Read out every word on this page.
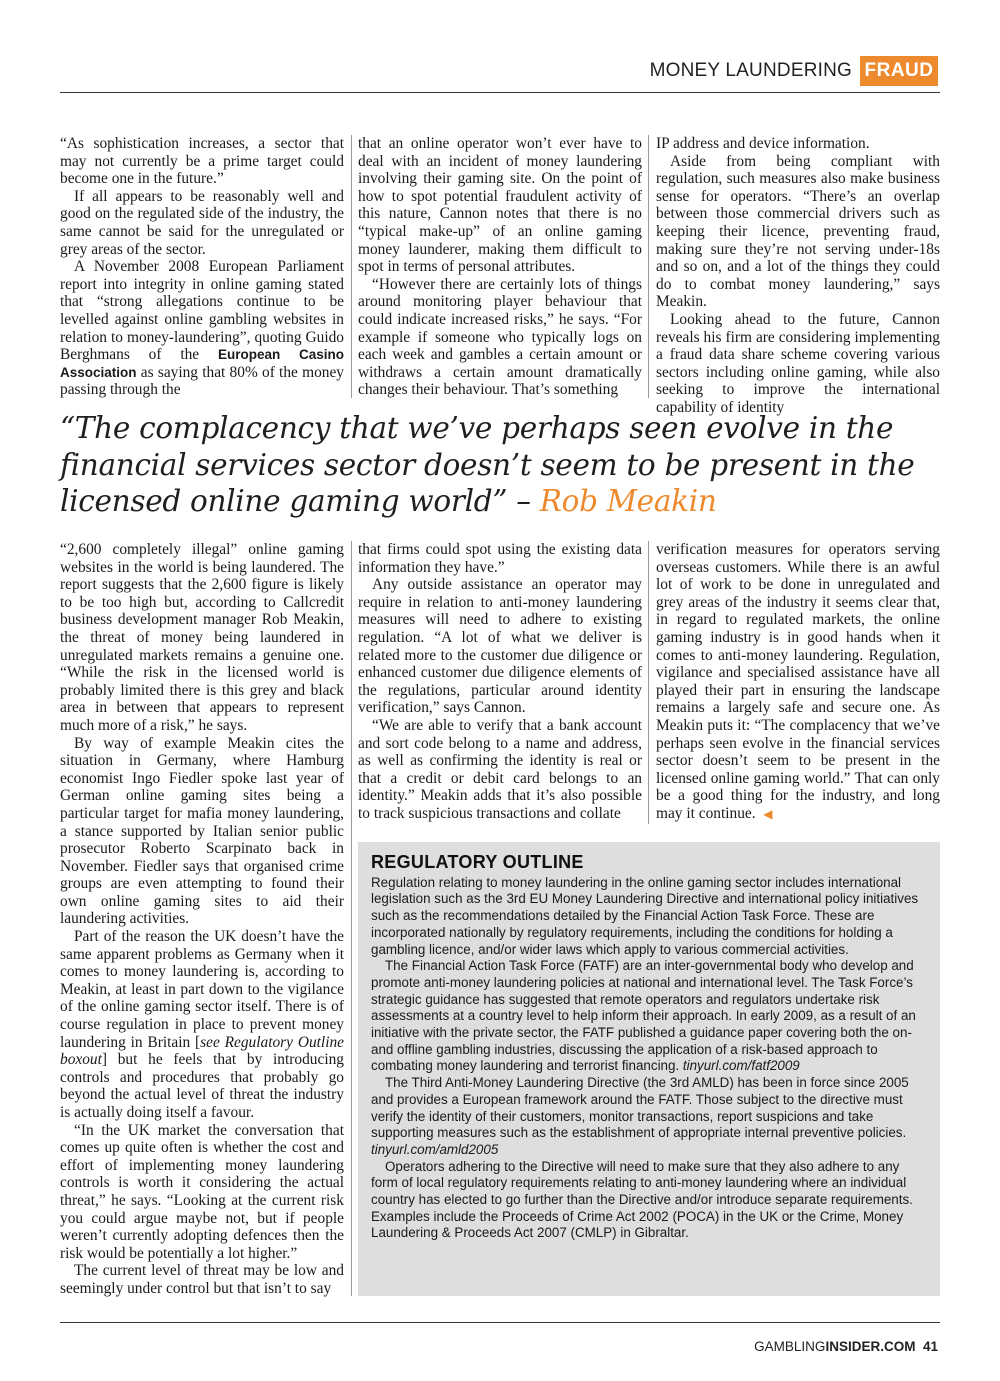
MONEY LAUNDERING FRAUD

“As sophistication increases, a sector that may not currently be a prime target could become one in the future.”

If all appears to be reasonably well and good on the regulated side of the industry, the same cannot be said for the unregulated or grey areas of the sector.

A November 2008 European Parliament report into integrity in online gaming stated that “strong allegations continue to be levelled against online gambling websites in relation to money-laundering”, quoting Guido Berghmans of the European Casino Association as saying that 80% of the money passing through the

that an online operator won’t ever have to deal with an incident of money laundering involving their gaming site. On the point of how to spot potential fraudulent activity of this nature, Cannon notes that there is no “typical make-up” of an online gaming money launderer, making them difficult to spot in terms of personal attributes.

“However there are certainly lots of things around monitoring player behaviour that could indicate increased risks,” he says. “For example if someone who typically logs on each week and gambles a certain amount or withdraws a certain amount dramatically changes their behaviour. That’s something

IP address and device information.

Aside from being compliant with regulation, such measures also make business sense for operators. “There’s an overlap between those commercial drivers such as keeping their licence, preventing fraud, making sure they’re not serving under-18s and so on, and a lot of the things they could do to combat money laundering,” says Meakin.

Looking ahead to the future, Cannon reveals his firm are considering implementing a fraud data share scheme covering various sectors including online gaming, while also seeking to improve the international capability of identity

“The complacency that we’ve perhaps seen evolve in the financial services sector doesn’t seem to be present in the licensed online gaming world” – Rob Meakin

“2,600 completely illegal” online gaming websites in the world is being laundered. The report suggests that the 2,600 figure is likely to be too high but, according to Callcredit business development manager Rob Meakin, the threat of money being laundered in unregulated markets remains a genuine one. “While the risk in the licensed world is probably limited there is this grey and black area in between that appears to represent much more of a risk,” he says.

By way of example Meakin cites the situation in Germany, where Hamburg economist Ingo Fiedler spoke last year of German online gaming sites being a particular target for mafia money laundering, a stance supported by Italian senior public prosecutor Roberto Scarpinato back in November. Fiedler says that organised crime groups are even attempting to found their own online gaming sites to aid their laundering activities.

Part of the reason the UK doesn’t have the same apparent problems as Germany when it comes to money laundering is, according to Meakin, at least in part down to the vigilance of the online gaming sector itself. There is of course regulation in place to prevent money laundering in Britain [see Regulatory Outline boxout] but he feels that by introducing controls and procedures that probably go beyond the actual level of threat the industry is actually doing itself a favour.

“In the UK market the conversation that comes up quite often is whether the cost and effort of implementing money laundering controls is worth it considering the actual threat,” he says. “Looking at the current risk you could argue maybe not, but if people weren’t currently adopting defences then the risk would be potentially a lot higher.”

The current level of threat may be low and seemingly under control but that isn’t to say

that firms could spot using the existing data information they have.”

Any outside assistance an operator may require in relation to anti-money laundering measures will need to adhere to existing regulation. “A lot of what we deliver is related more to the customer due diligence or enhanced customer due diligence elements of the regulations, particular around identity verification,” says Cannon.

“We are able to verify that a bank account and sort code belong to a name and address, as well as confirming the identity is real or that a credit or debit card belongs to an identity.” Meakin adds that it’s also possible to track suspicious transactions and collate

verification measures for operators serving overseas customers. While there is an awful lot of work to be done in unregulated and grey areas of the industry it seems clear that, in regard to regulated markets, the online gaming industry is in good hands when it comes to anti-money laundering. Regulation, vigilance and specialised assistance have all played their part in ensuring the landscape remains a largely safe and secure one. As Meakin puts it: “The complacency that we’ve perhaps seen evolve in the financial services sector doesn’t seem to be present in the licensed online gaming world.” That can only be a good thing for the industry, and long may it continue. ◀

REGULATORY OUTLINE

Regulation relating to money laundering in the online gaming sector includes international legislation such as the 3rd EU Money Laundering Directive and international policy initiatives such as the recommendations detailed by the Financial Action Task Force. These are incorporated nationally by regulatory requirements, including the conditions for holding a gambling licence, and/or wider laws which apply to various commercial activities.

The Financial Action Task Force (FATF) are an inter-governmental body who develop and promote anti-money laundering policies at national and international level. The Task Force’s strategic guidance has suggested that remote operators and regulators undertake risk assessments at a country level to help inform their approach. In early 2009, as a result of an initiative with the private sector, the FATF published a guidance paper covering both the on- and offline gambling industries, discussing the application of a risk-based approach to combating money laundering and terrorist financing. tinyurl.com/fatf2009

The Third Anti-Money Laundering Directive (the 3rd AMLD) has been in force since 2005 and provides a European framework around the FATF. Those subject to the directive must verify the identity of their customers, monitor transactions, report suspicions and take supporting measures such as the establishment of appropriate internal preventive policies. tinyurl.com/amld2005

Operators adhering to the Directive will need to make sure that they also adhere to any form of local regulatory requirements relating to anti-money laundering where an individual country has elected to go further than the Directive and/or introduce separate requirements. Examples include the Proceeds of Crime Act 2002 (POCA) in the UK or the Crime, Money Laundering & Proceeds Act 2007 (CMLP) in Gibraltar.

GAMBLINGINSIDER.COM 41
